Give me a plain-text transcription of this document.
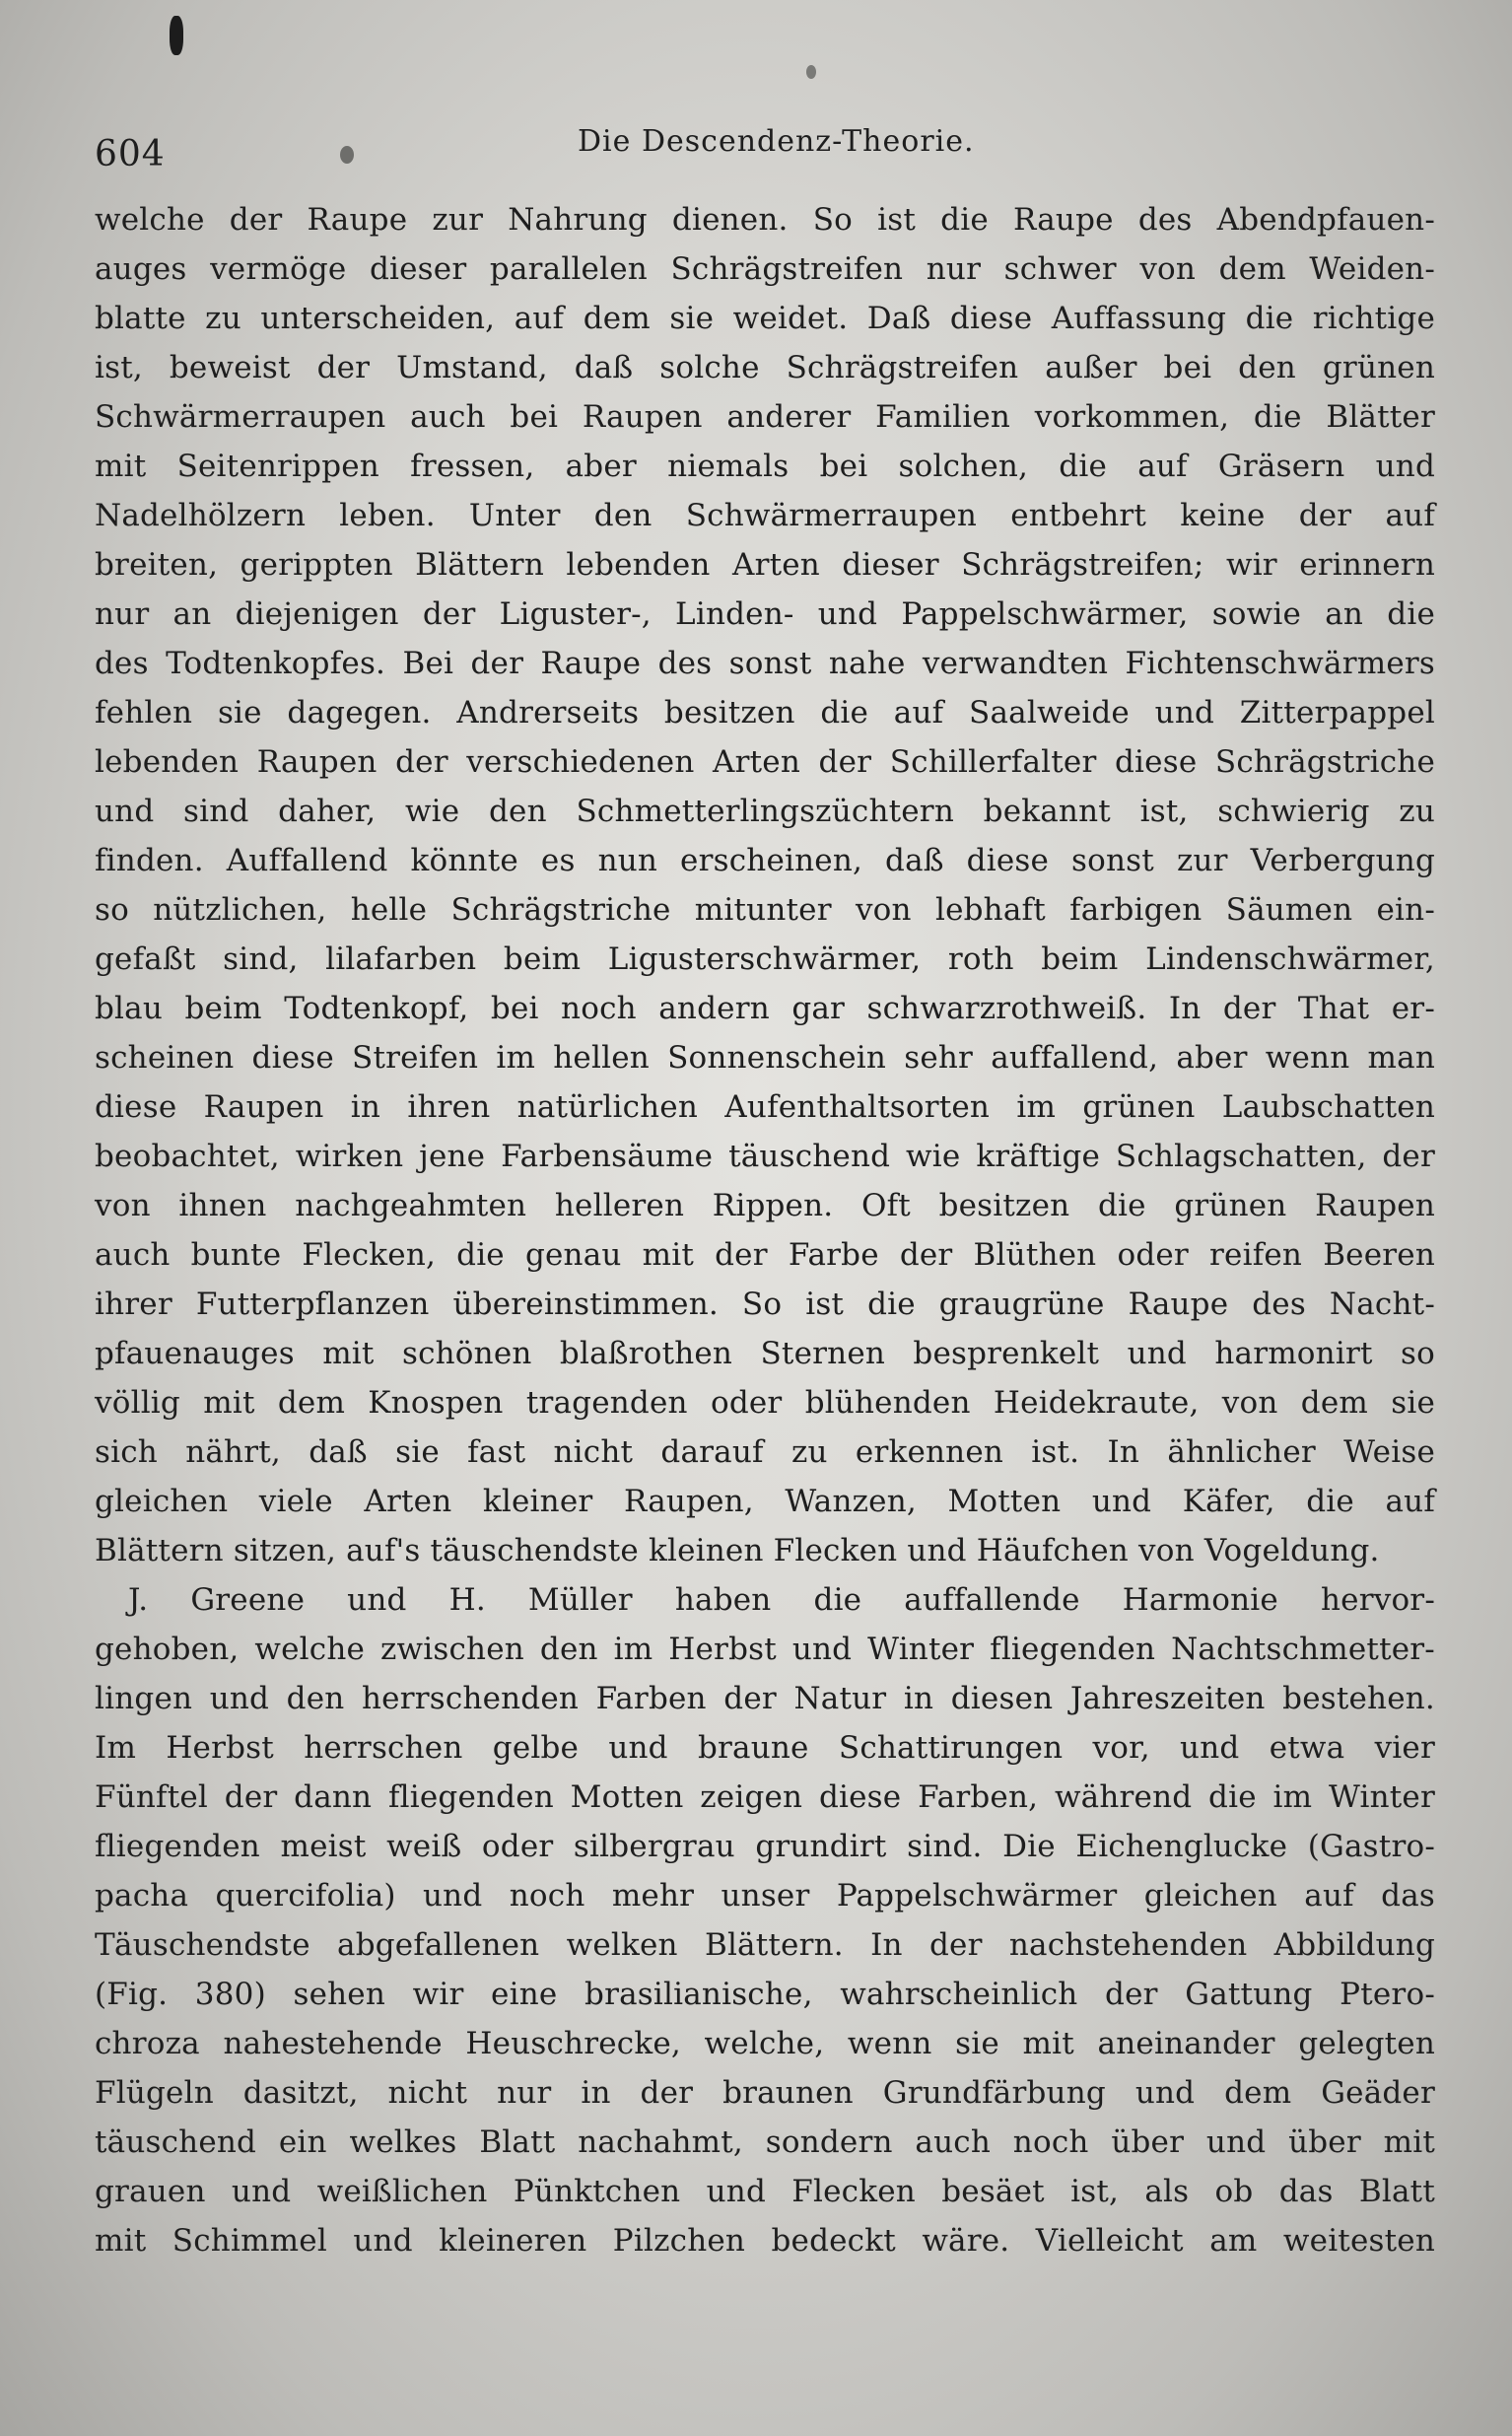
604	Die Descendenz-Theorie.
welche der Raupe zur Nahrung dienen. So ist die Raupe des Abendpfauen-
auges vermöge dieser parallelen Schrägstreifen nur schwer von dem Weiden-
blatte zu unterscheiden, auf dem sie weidet. Daß diese Auffassung die richtige
ist, beweist der Umstand, daß solche Schrägstreifen außer bei den grünen
Schwärmerraupen auch bei Raupen anderer Familien vorkommen, die Blätter
mit Seitenrippen fressen, aber niemals bei solchen, die auf Gräsern und
Nadelhölzern leben. Unter den Schwärmerraupen entbehrt keine der auf
breiten, gerippten Blättern lebenden Arten dieser Schrägstreifen; wir erinnern
nur an diejenigen der Liguster-, Linden- und Pappelschwärmer, sowie an die
des Todtenkopfes. Bei der Raupe des sonst nahe verwandten Fichtenschwärmers
fehlen sie dagegen. Andrerseits besitzen die auf Saalweide und Zitterpappel
lebenden Raupen der verschiedenen Arten der Schillerfalter diese Schrägstriche
und sind daher, wie den Schmetterlingszüchtern bekannt ist, schwierig zu
finden. Auffallend könnte es nun erscheinen, daß diese sonst zur Verbergung
so nützlichen, helle Schrägstriche mitunter von lebhaft farbigen Säumen ein-
gefaßt sind, lilafarben beim Ligusterschwärmer, roth beim Lindenschwärmer,
blau beim Todtenkopf, bei noch andern gar schwarzrothweiß. In der That er-
scheinen diese Streifen im hellen Sonnenschein sehr auffallend, aber wenn man
diese Raupen in ihren natürlichen Aufenthaltsorten im grünen Laubschatten
beobachtet, wirken jene Farbensäume täuschend wie kräftige Schlagschatten, der
von ihnen nachgeahmten helleren Rippen. Oft besitzen die grünen Raupen
auch bunte Flecken, die genau mit der Farbe der Blüthen oder reifen Beeren
ihrer Futterpflanzen übereinstimmen. So ist die graugrüne Raupe des Nacht-
pfauenauges mit schönen blaßrothen Sternen besprenkelt und harmonirt so
völlig mit dem Knospen tragenden oder blühenden Heidekraute, von dem sie
sich nährt, daß sie fast nicht darauf zu erkennen ist. In ähnlicher Weise
gleichen viele Arten kleiner Raupen, Wanzen, Motten und Käfer, die auf
Blättern sitzen, auf's täuschendste kleinen Flecken und Häufchen von Vogeldung.
J. Greene und H. Müller haben die auffallende Harmonie hervor-
gehoben, welche zwischen den im Herbst und Winter fliegenden Nachtschmetter-
lingen und den herrschenden Farben der Natur in diesen Jahreszeiten bestehen.
Im Herbst herrschen gelbe und braune Schattirungen vor, und etwa vier
Fünftel der dann fliegenden Motten zeigen diese Farben, während die im Winter
fliegenden meist weiß oder silbergrau grundirt sind. Die Eichenglucke (Gastro-
pacha quercifolia) und noch mehr unser Pappelschwärmer gleichen auf das
Täuschendste abgefallenen welken Blättern. In der nachstehenden Abbildung
(Fig. 380) sehen wir eine brasilianische, wahrscheinlich der Gattung Ptero-
chroza nahestehende Heuschrecke, welche, wenn sie mit aneinander gelegten
Flügeln dasitzt, nicht nur in der braunen Grundfärbung und dem Geäder
täuschend ein welkes Blatt nachahmt, sondern auch noch über und über mit
grauen und weißlichen Pünktchen und Flecken besäet ist, als ob das Blatt
mit Schimmel und kleineren Pilzchen bedeckt wäre. Vielleicht am weitesten
